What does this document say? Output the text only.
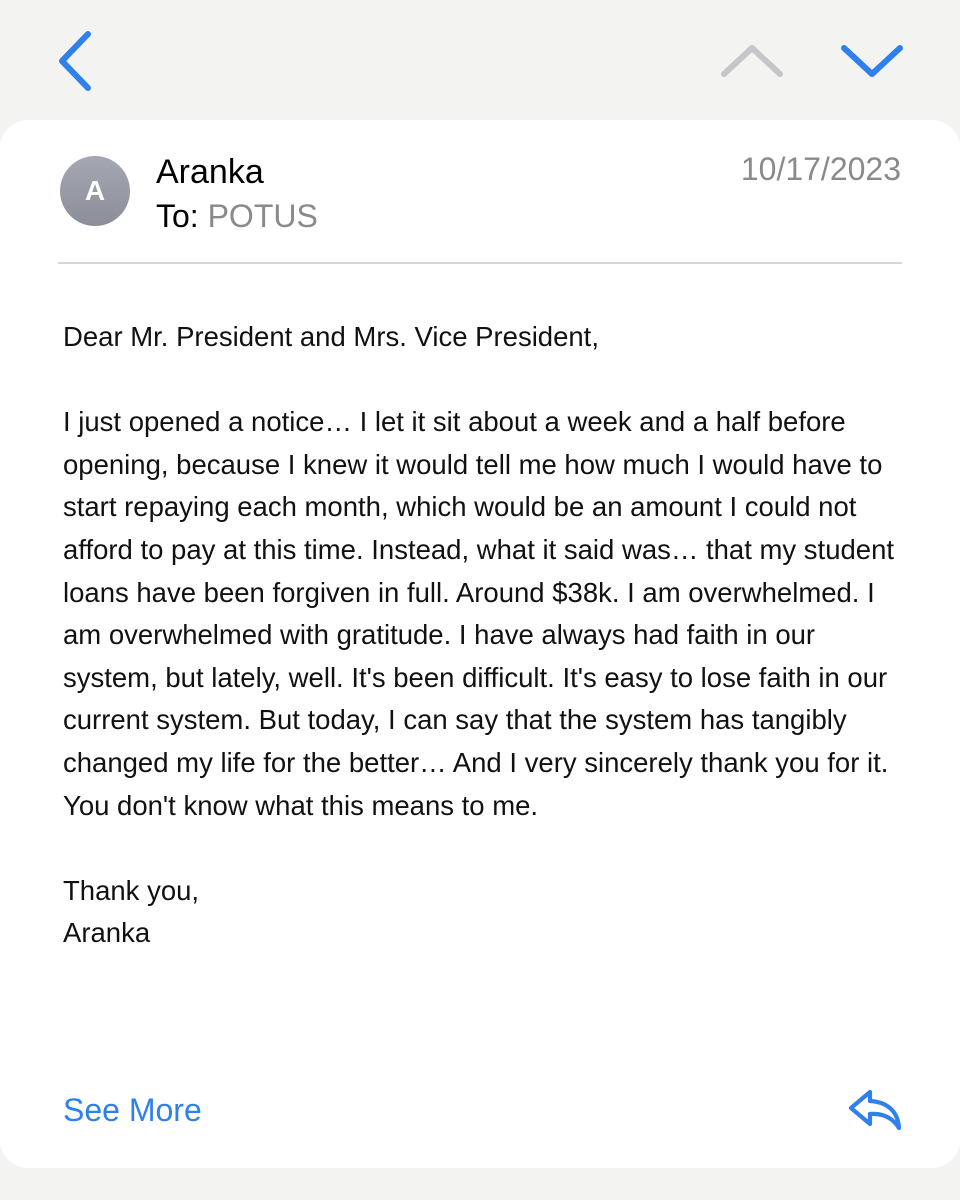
A	Aranka
To: POTUS
10/17/2023

Dear Mr. President and Mrs. Vice President,

I just opened a notice… I let it sit about a week and a half before opening, because I knew it would tell me how much I would have to start repaying each month, which would be an amount I could not afford to pay at this time. Instead, what it said was… that my student loans have been forgiven in full. Around $38k. I am overwhelmed. I am overwhelmed with gratitude. I have always had faith in our system, but lately, well. It's been difficult. It's easy to lose faith in our current system. But today, I can say that the system has tangibly changed my life for the better… And I very sincerely thank you for it. You don't know what this means to me.

Thank you,

Aranka

See More
